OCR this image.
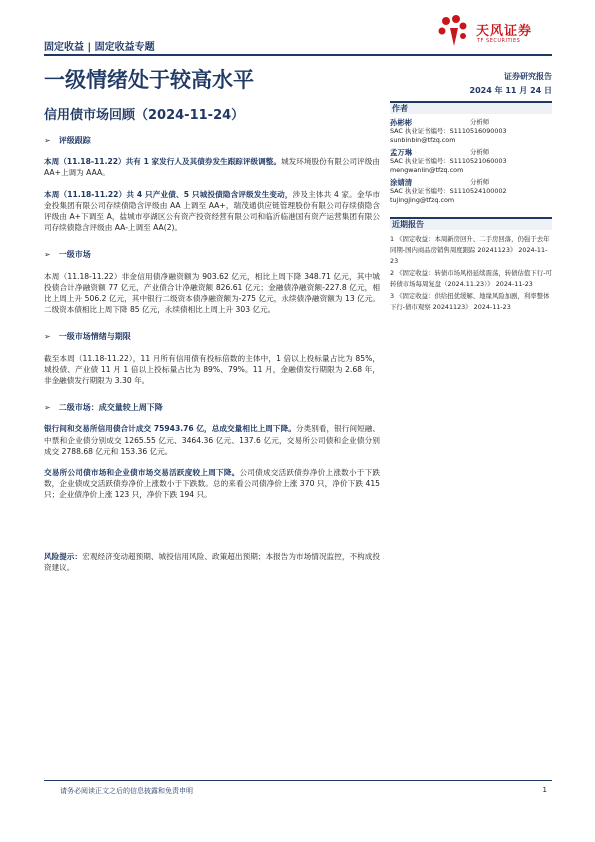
固定收益 | 固定收益专题
天风证券
TF SECURITIES
一级情绪处于较高水平	证券研究报告
2024 年 11 月 24 日
信用债市场回顾（2024-11-24）
➢ 评级跟踪
本周（11.18-11.22）共有 1 家发行人及其债券发生跟踪评级调整。城发环境股份有限公司评级由 AA+上调为 AAA。
本周（11.18-11.22）共 4 只产业债、5 只城投债隐含评级发生变动，涉及主体共 4 家。金华市金投集团有限公司存续债隐含评级由 AA 上调至 AA+，瑞茂通供应链管理股份有限公司存续债隐含评级由 A+下调至 A，盐城市亭湖区公有资产投资经营有限公司和临沂临港国有资产运营集团有限公司存续债隐含评级由 AA-上调至 AA(2)。
➢ 一级市场
本周（11.18-11.22）非金信用债净融资额为 903.62 亿元，相比上周下降 348.71 亿元，其中城投债合计净融资额 77 亿元，产业债合计净融资额 826.61 亿元；金融债净融资额-227.8 亿元，相比上周上升 506.2 亿元，其中银行二级资本债净融资额为-275 亿元，永续债净融资额为 13 亿元。二级资本债相比上周下降 85 亿元，永续债相比上周上升 303 亿元。
➢ 一级市场情绪与期限
截至本周（11.18-11.22），11 月所有信用债有投标倍数的主体中，1 倍以上投标量占比为 85%，城投债、产业债 11 月 1 倍以上投标量占比为 89%、79%。11 月，金融债发行期限为 2.68 年，非金融债发行期限为 3.30 年。
➢ 二级市场：成交量较上周下降
银行间和交易所信用债合计成交 75943.76 亿，总成交量相比上周下降。分类别看，银行间短融、中票和企业债分别成交 1265.55 亿元、3464.36 亿元、137.6 亿元，交易所公司债和企业债分别成交 2788.68 亿元和 153.36 亿元。
交易所公司债市场和企业债市场交易活跃度较上周下降。公司债成交活跃债券净价上涨数小于下跌数，企业债成交活跃债券净价上涨数小于下跌数。总的来看公司债净价上涨 370 只，净价下跌 415 只；企业债净价上涨 123 只，净价下跌 194 只。
风险提示：宏观经济变动超预期、城投信用风险、政策超出预期；本报告为市场情况监控，不构成投资建议。
作者
孙彬彬	分析师
SAC 执业证书编号：S1110516090003
sunbinbin@tfzq.com
孟万琳	分析师
SAC 执业证书编号：S1110521060003
mengwanlin@tfzq.com
涂婧清	分析师
SAC 执业证书编号：S1110524100002
tujingjing@tfzq.com
近期报告
1 《固定收益：本周新房回升、二手房回落，仍强于去年同期-国内商品房销售周度跟踪 20241123》 2024-11-23
2 《固定收益：转债市场风格延续震荡，转债估值下行-可转债市场每周复盘（2024.11.23）》 2024-11-23
3 《固定收益：供给扭优缓解、地缘风险加剧，利率整体下行-债市观察 20241123》 2024-11-23
请务必阅读正文之后的信息披露和免责申明	1
